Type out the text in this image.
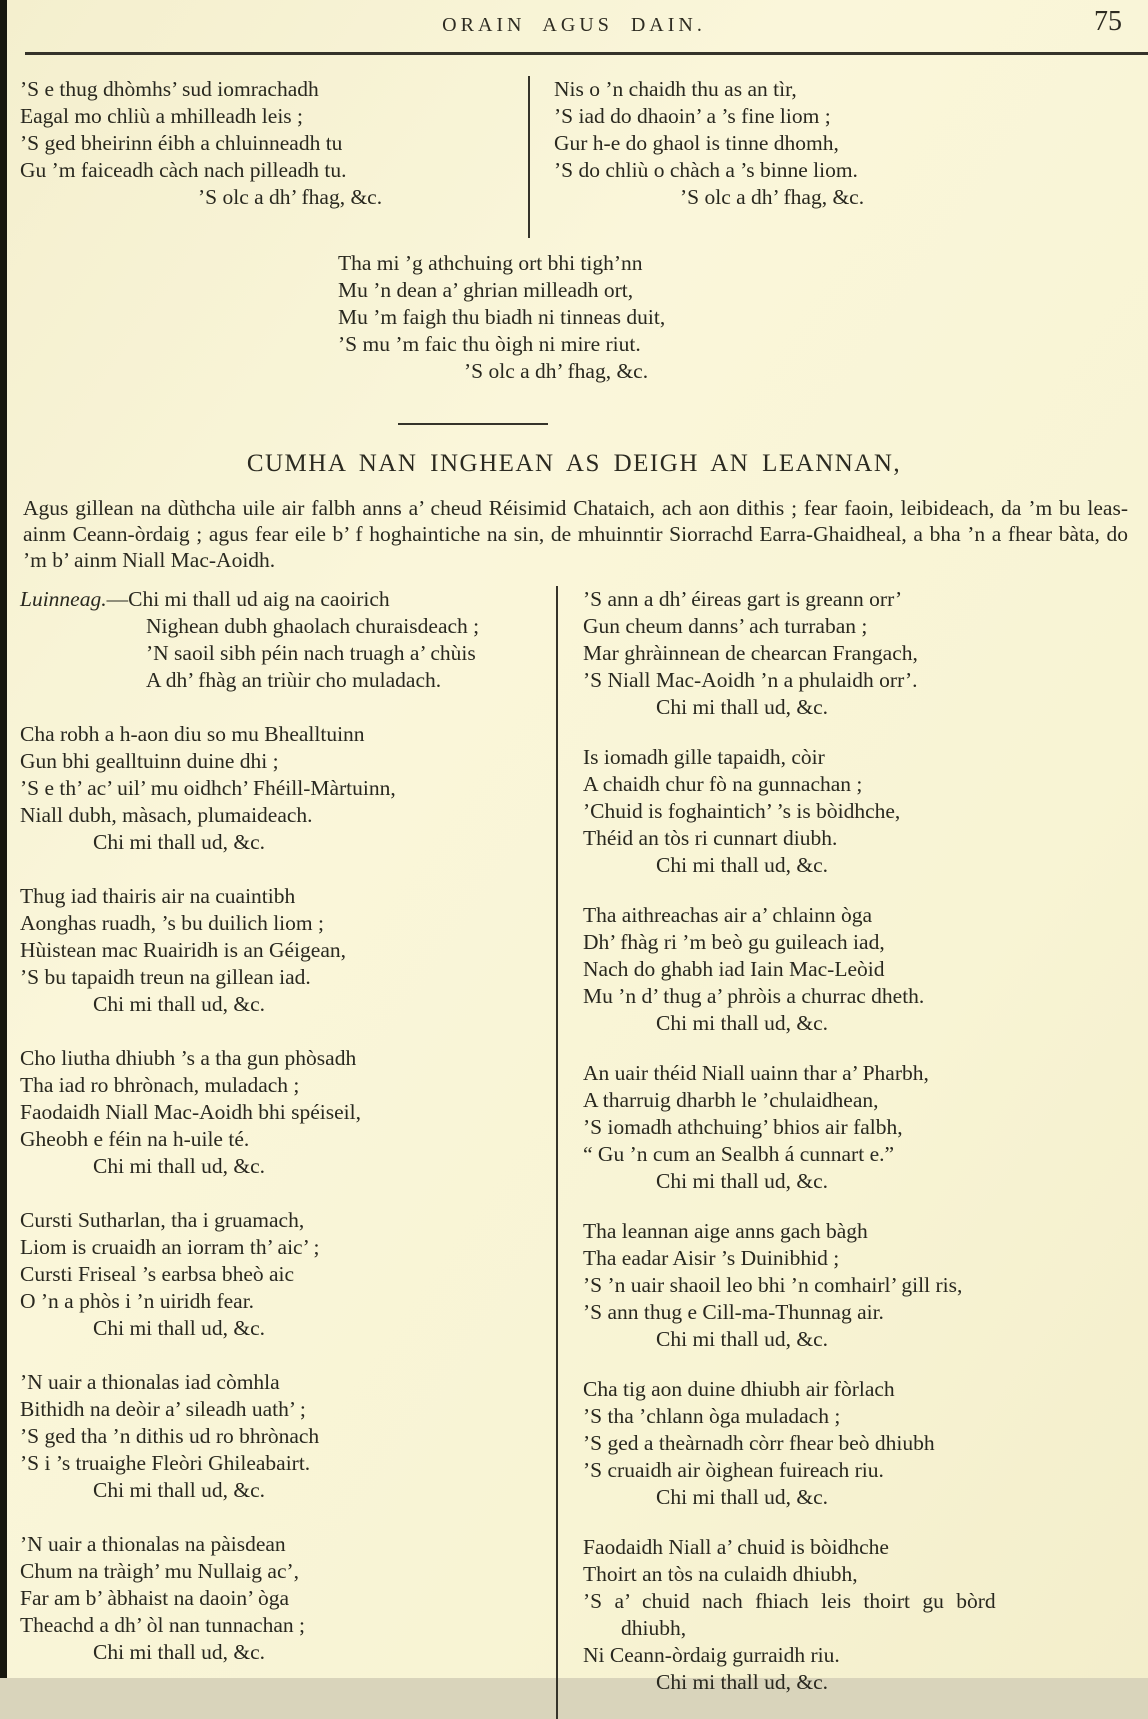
ORAIN AGUS DAIN.	75
’S e thug dhòmhs’ sud iomrachadh
Eagal mo chliù a mhilleadh leis ;
’S ged bheirinn éibh a chluinneadh tu
Gu ’m faiceadh càch nach pilleadh tu.
’S olc a dh’ fhag, &c.
Nis o ’n chaidh thu as an tìr,
’S iad do dhaoin’ a ’s fine liom ;
Gur h-e do ghaol is tinne dhomh,
’S do chliù o chàch a ’s binne liom.
’S olc a dh’ fhag, &c.
Tha mi ’g athchuing ort bhi tigh’nn
Mu ’n dean a’ ghrian milleadh ort,
Mu ’m faigh thu biadh ni tinneas duit,
’S mu ’m faic thu òigh ni mire riut.
’S olc a dh’ fhag, &c.
CUMHA NAN INGHEAN AS DEIGH AN LEANNAN,
Agus gillean na dùthcha uile air falbh anns a’ cheud Réisimid Chataich, ach aon dithis ; fear faoin, leibideach, da ’m bu leas-ainm Ceann-òrdaig ; agus fear eile b’ f hoghaintiche na sin, de mhuinntir Siorrachd Earra-Ghaidheal, a bha ’n a fhear bàta, do ’m b’ ainm Niall Mac-Aoidh.
Luinneag.—Chi mi thall ud aig na caoirich
Nighean dubh ghaolach churaisdeach ;
’N saoil sibh péin nach truagh a’ chùis
A dh’ fhàg an triùir cho muladach.
Cha robh a h-aon diu so mu Bhealltuinn
Gun bhi gealltuinn duine dhi ;
’S e th’ ac’ uil’ mu oidhch’ Fhéill-Màrtuinn,
Niall dubh, màsach, plumaideach.
Chi mi thall ud, &c.
Thug iad thairis air na cuaintibh
Aonghas ruadh, ’s bu duilich liom ;
Hùistean mac Ruairidh is an Géigean,
’S bu tapaidh treun na gillean iad.
Chi mi thall ud, &c.
Cho liutha dhiubh ’s a tha gun phòsadh
Tha iad ro bhrònach, muladach ;
Faodaidh Niall Mac-Aoidh bhi spéiseil,
Gheobh e féin na h-uile té.
Chi mi thall ud, &c.
Cursti Sutharlan, tha i gruamach,
Liom is cruaidh an iorram th’ aic’ ;
Cursti Friseal ’s earbsa bheò aic
O ’n a phòs i ’n uiridh fear.
Chi mi thall ud, &c.
’N uair a thionalas iad còmhla
Bithidh na deòir a’ sileadh uath’ ;
’S ged tha ’n dithis ud ro bhrònach
’S i ’s truaighe Fleòri Ghileabairt.
Chi mi thall ud, &c.
’N uair a thionalas na pàisdean
Chum na tràigh’ mu Nullaig ac’,
Far am b’ àbhaist na daoin’ òga
Theachd a dh’ òl nan tunnachan ;
Chi mi thall ud, &c.
’S ann a dh’ éireas gart is greann orr’
Gun cheum danns’ ach turraban ;
Mar ghràinnean de chearcan Frangach,
’S Niall Mac-Aoidh ’n a phulaidh orr’.
Chi mi thall ud, &c.
Is iomadh gille tapaidh, còir
A chaidh chur fò na gunnachan ;
’Chuid is foghaintich’ ’s is bòidhche,
Théid an tòs ri cunnart diubh.
Chi mi thall ud, &c.
Tha aithreachas air a’ chlainn òga
Dh’ fhàg ri ’m beò gu guileach iad,
Nach do ghabh iad Iain Mac-Leòid
Mu ’n d’ thug a’ phròis a churrac dheth.
Chi mi thall ud, &c.
An uair théid Niall uainn thar a’ Pharbh,
A tharruig dharbh le ’chulaidhean,
’S iomadh athchuing’ bhios air falbh,
“ Gu ’n cum an Sealbh á cunnart e.”
Chi mi thall ud, &c.
Tha leannan aige anns gach bàgh
Tha eadar Aisir ’s Duinibhid ;
’S ’n uair shaoil leo bhi ’n comhairl’ gill ris,
’S ann thug e Cill-ma-Thunnag air.
Chi mi thall ud, &c.
Cha tig aon duine dhiubh air fòrlach
’S tha ’chlann òga muladach ;
’S ged a theàrnadh còrr fhear beò dhiubh
’S cruaidh air òighean fuireach riu.
Chi mi thall ud, &c.
Faodaidh Niall a’ chuid is bòidhche
Thoirt an tòs na culaidh dhiubh,
’S a’ chuid nach fhiach leis thoirt gu bòrd
dhiubh,
Ni Ceann-òrdaig gurraidh riu.
Chi mi thall ud, &c.
